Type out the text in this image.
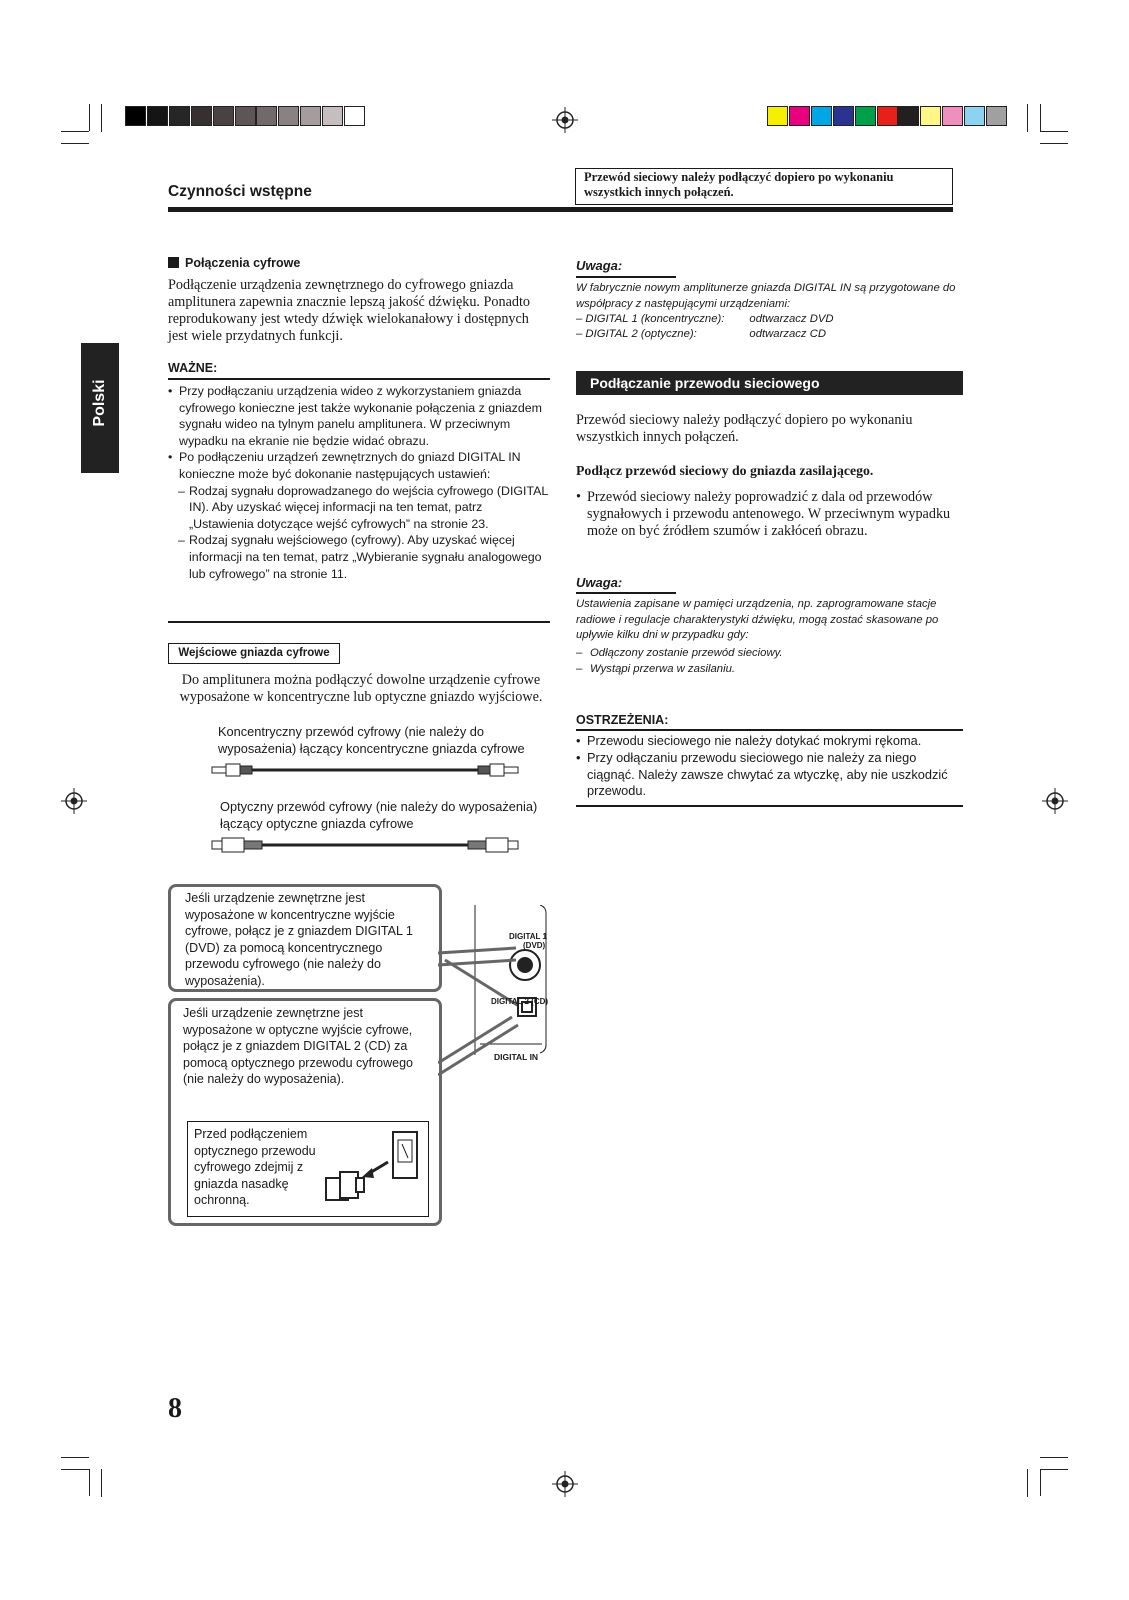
Czynności wstępne
Przewód sieciowy należy podłączyć dopiero po wykonaniu wszystkich innych połączeń.
Polski
Połączenia cyfrowe
Podłączenie urządzenia zewnętrznego do cyfrowego gniazda amplitunera zapewnia znacznie lepszą jakość dźwięku. Ponadto reprodukowany jest wtedy dźwięk wielokanałowy i dostępnych jest wiele przydatnych funkcji.
WAŻNE:
• Przy podłączaniu urządzenia wideo z wykorzystaniem gniazda cyfrowego konieczne jest także wykonanie połączenia z gniazdem sygnału wideo na tylnym panelu amplitunera. W przeciwnym wypadku na ekranie nie będzie widać obrazu.
• Po podłączeniu urządzeń zewnętrznych do gniazd DIGITAL IN konieczne może być dokonanie następujących ustawień:
– Rodzaj sygnału doprowadzanego do wejścia cyfrowego (DIGITAL IN). Aby uzyskać więcej informacji na ten temat, patrz „Ustawienia dotyczące wejść cyfrowych” na stronie 23.
– Rodzaj sygnału wejściowego (cyfrowy). Aby uzyskać więcej informacji na ten temat, patrz „Wybieranie sygnału analogowego lub cyfrowego” na stronie 11.
Wejściowe gniazda cyfrowe
Do amplitunera można podłączyć dowolne urządzenie cyfrowe wyposażone w koncentryczne lub optyczne gniazdo wyjściowe.
Koncentryczny przewód cyfrowy (nie należy do wyposażenia) łączący koncentryczne gniazda cyfrowe
Optyczny przewód cyfrowy (nie należy do wyposażenia) łączący optyczne gniazda cyfrowe
DIGITAL 1
(DVD)
DIGITAL 2 (CD)
DIGITAL IN
Jeśli urządzenie zewnętrzne jest wyposażone w koncentryczne wyjście cyfrowe, połącz je z gniazdem DIGITAL 1 (DVD) za pomocą koncentrycznego przewodu cyfrowego (nie należy do wyposażenia).
Jeśli urządzenie zewnętrzne jest wyposażone w optyczne wyjście cyfrowe, połącz je z gniazdem DIGITAL 2 (CD) za pomocą optycznego przewodu cyfrowego (nie należy do wyposażenia).
Przed podłączeniem optycznego przewodu cyfrowego zdejmij z gniazda nasadkę ochronną.
Uwaga:
W fabrycznie nowym amplitunerze gniazda DIGITAL IN są przygotowane do współpracy z następującymi urządzeniami:
– DIGITAL 1 (koncentryczne): odtwarzacz DVD
– DIGITAL 2 (optyczne):	odtwarzacz CD
Podłączanie przewodu sieciowego
Przewód sieciowy należy podłączyć dopiero po wykonaniu wszystkich innych połączeń.
Podłącz przewód sieciowy do gniazda zasilającego.
• Przewód sieciowy należy poprowadzić z dala od przewodów sygnałowych i przewodu antenowego. W przeciwnym wypadku może on być źródłem szumów i zakłóceń obrazu.
Uwaga:
Ustawienia zapisane w pamięci urządzenia, np. zaprogramowane stacje radiowe i regulacje charakterystyki dźwięku, mogą zostać skasowane po upływie kilku dni w przypadku gdy:
– Odłączony zostanie przewód sieciowy.
– Wystąpi przerwa w zasilaniu.
OSTRZEŻENIA:
• Przewodu sieciowego nie należy dotykać mokrymi rękoma.
• Przy odłączaniu przewodu sieciowego nie należy za niego ciągnąć. Należy zawsze chwytać za wtyczkę, aby nie uszkodzić przewodu.
8
